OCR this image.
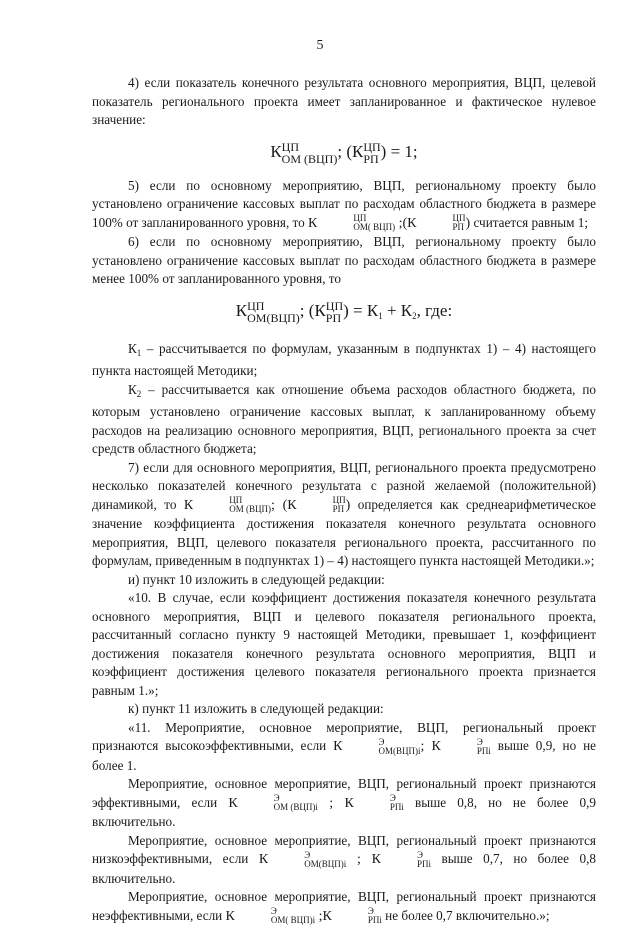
5

4) если показатель конечного результата основного мероприятия, ВЦП, целевой показатель регионального проекта имеет запланированное и фактическое нулевое значение:

К ЦП
ОМ (ВЦП) ; (К ЦП
РП ) = 1;

5) если по основному мероприятию, ВЦП, региональному проекту было установлено ограничение кассовых выплат по расходам областного бюджета в размере 100% от запланированного уровня, то К	ЦП
ОМ( ВЦП) ;(К	ЦП
РП ) считается равным 1;

6) если по основному мероприятию, ВЦП, региональному проекту было установлено ограничение кассовых выплат по расходам областного бюджета в размере менее 100% от запланированного уровня, то

К ЦП
ОМ(ВЦП) ; (К ЦП
РП ) = $К_1 + К_2$, где:

$К_1$ – рассчитывается по формулам, указанным в подпунктах 1) – 4) настоящего пункта настоящей Методики;

$К_2$ – рассчитывается как отношение объема расходов областного бюджета, по которым установлено ограничение кассовых выплат, к запланированному объему расходов на реализацию основного мероприятия, ВЦП, регионального проекта за счет средств областного бюджета;

7) если для основного мероприятия, ВЦП, регионального проекта предусмотрено несколько показателей конечного результата с разной желаемой (положительной) динамикой, то К	ЦП
ОМ (ВЦП) ; (К	ЦП
РП ) определяется как среднеарифметическое значение коэффициента достижения показателя конечного результата основного мероприятия, ВЦП, целевого показателя регионального проекта, рассчитанного по формулам, приведенным в подпунктах 1) – 4) настоящего пункта настоящей Методики.»;

и) пункт 10 изложить в следующей редакции:

«10. В случае, если коэффициент достижения показателя конечного результата основного мероприятия, ВЦП и целевого показателя регионального проекта, рассчитанный согласно пункту 9 настоящей Методики, превышает 1, коэффициент достижения показателя конечного результата основного мероприятия, ВЦП и коэффициент достижения целевого показателя регионального проекта признается равным 1.»;

к) пункт 11 изложить в следующей редакции:

«11. Мероприятие, основное мероприятие, ВЦП, региональный проект признаются высокоэффективными, если К	Э
ОМ(ВЦП)i ; К	Э
РПi выше 0,9, но не более 1.

Мероприятие, основное мероприятие, ВЦП, региональный проект признаются эффективными, если К	Э
ОМ (ВЦП)i ; К	Э
РПi выше 0,8, но не более 0,9 включительно.

Мероприятие, основное мероприятие, ВЦП, региональный проект признаются низкоэффективными, если К	Э
ОМ(ВЦП)i ; К	Э
РПi выше 0,7, но более 0,8 включительно.

Мероприятие, основное мероприятие, ВЦП, региональный проект признаются неэффективными, если К	Э
ОМ( ВЦП)i ;К	Э
РПi не более 0,7 включительно.»;
